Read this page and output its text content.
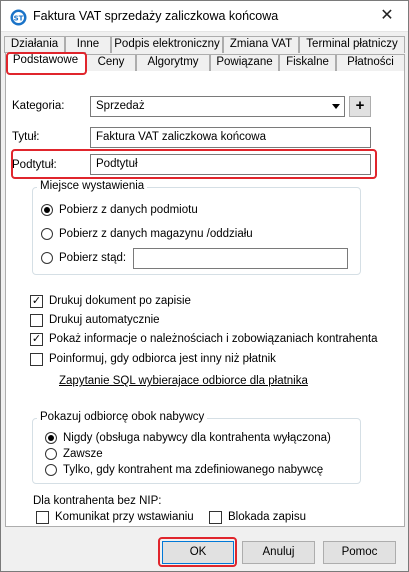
ST Faktura VAT sprzedaży zaliczkowa końcowa	✕
Działania	Inne	Podpis elektroniczny Zmiana VAT	Terminal płatniczy
Podstawowe	Ceny	Algorytmy	Powiązane	Fiskalne	Płatności
Kategoria:	Sprzedaż	+
Tytuł:	Faktura VAT zaliczkowa końcowa
Podtytuł:	Podtytuł
Miejsce wystawienia
Pobierz z danych podmiotu
Pobierz z danych magazynu /oddziału
Pobierz stąd:
✓ Drukuj dokument po zapisie
Drukuj automatycznie
✓ Pokaż informacje o należnościach i zobowiązaniach kontrahenta
Poinformuj, gdy odbiorca jest inny niż płatnik
Zapytanie SQL wybierajace odbiorce dla płatnika
Pokazuj odbiorcę obok nabywcy
Nigdy (obsługa nabywcy dla kontrahenta wyłączona)
Zawsze
Tylko, gdy kontrahent ma zdefiniowanego nabywcę
Dla kontrahenta bez NIP:
Komunikat przy wstawianiu	Blokada zapisu
OK	Anuluj	Pomoc
